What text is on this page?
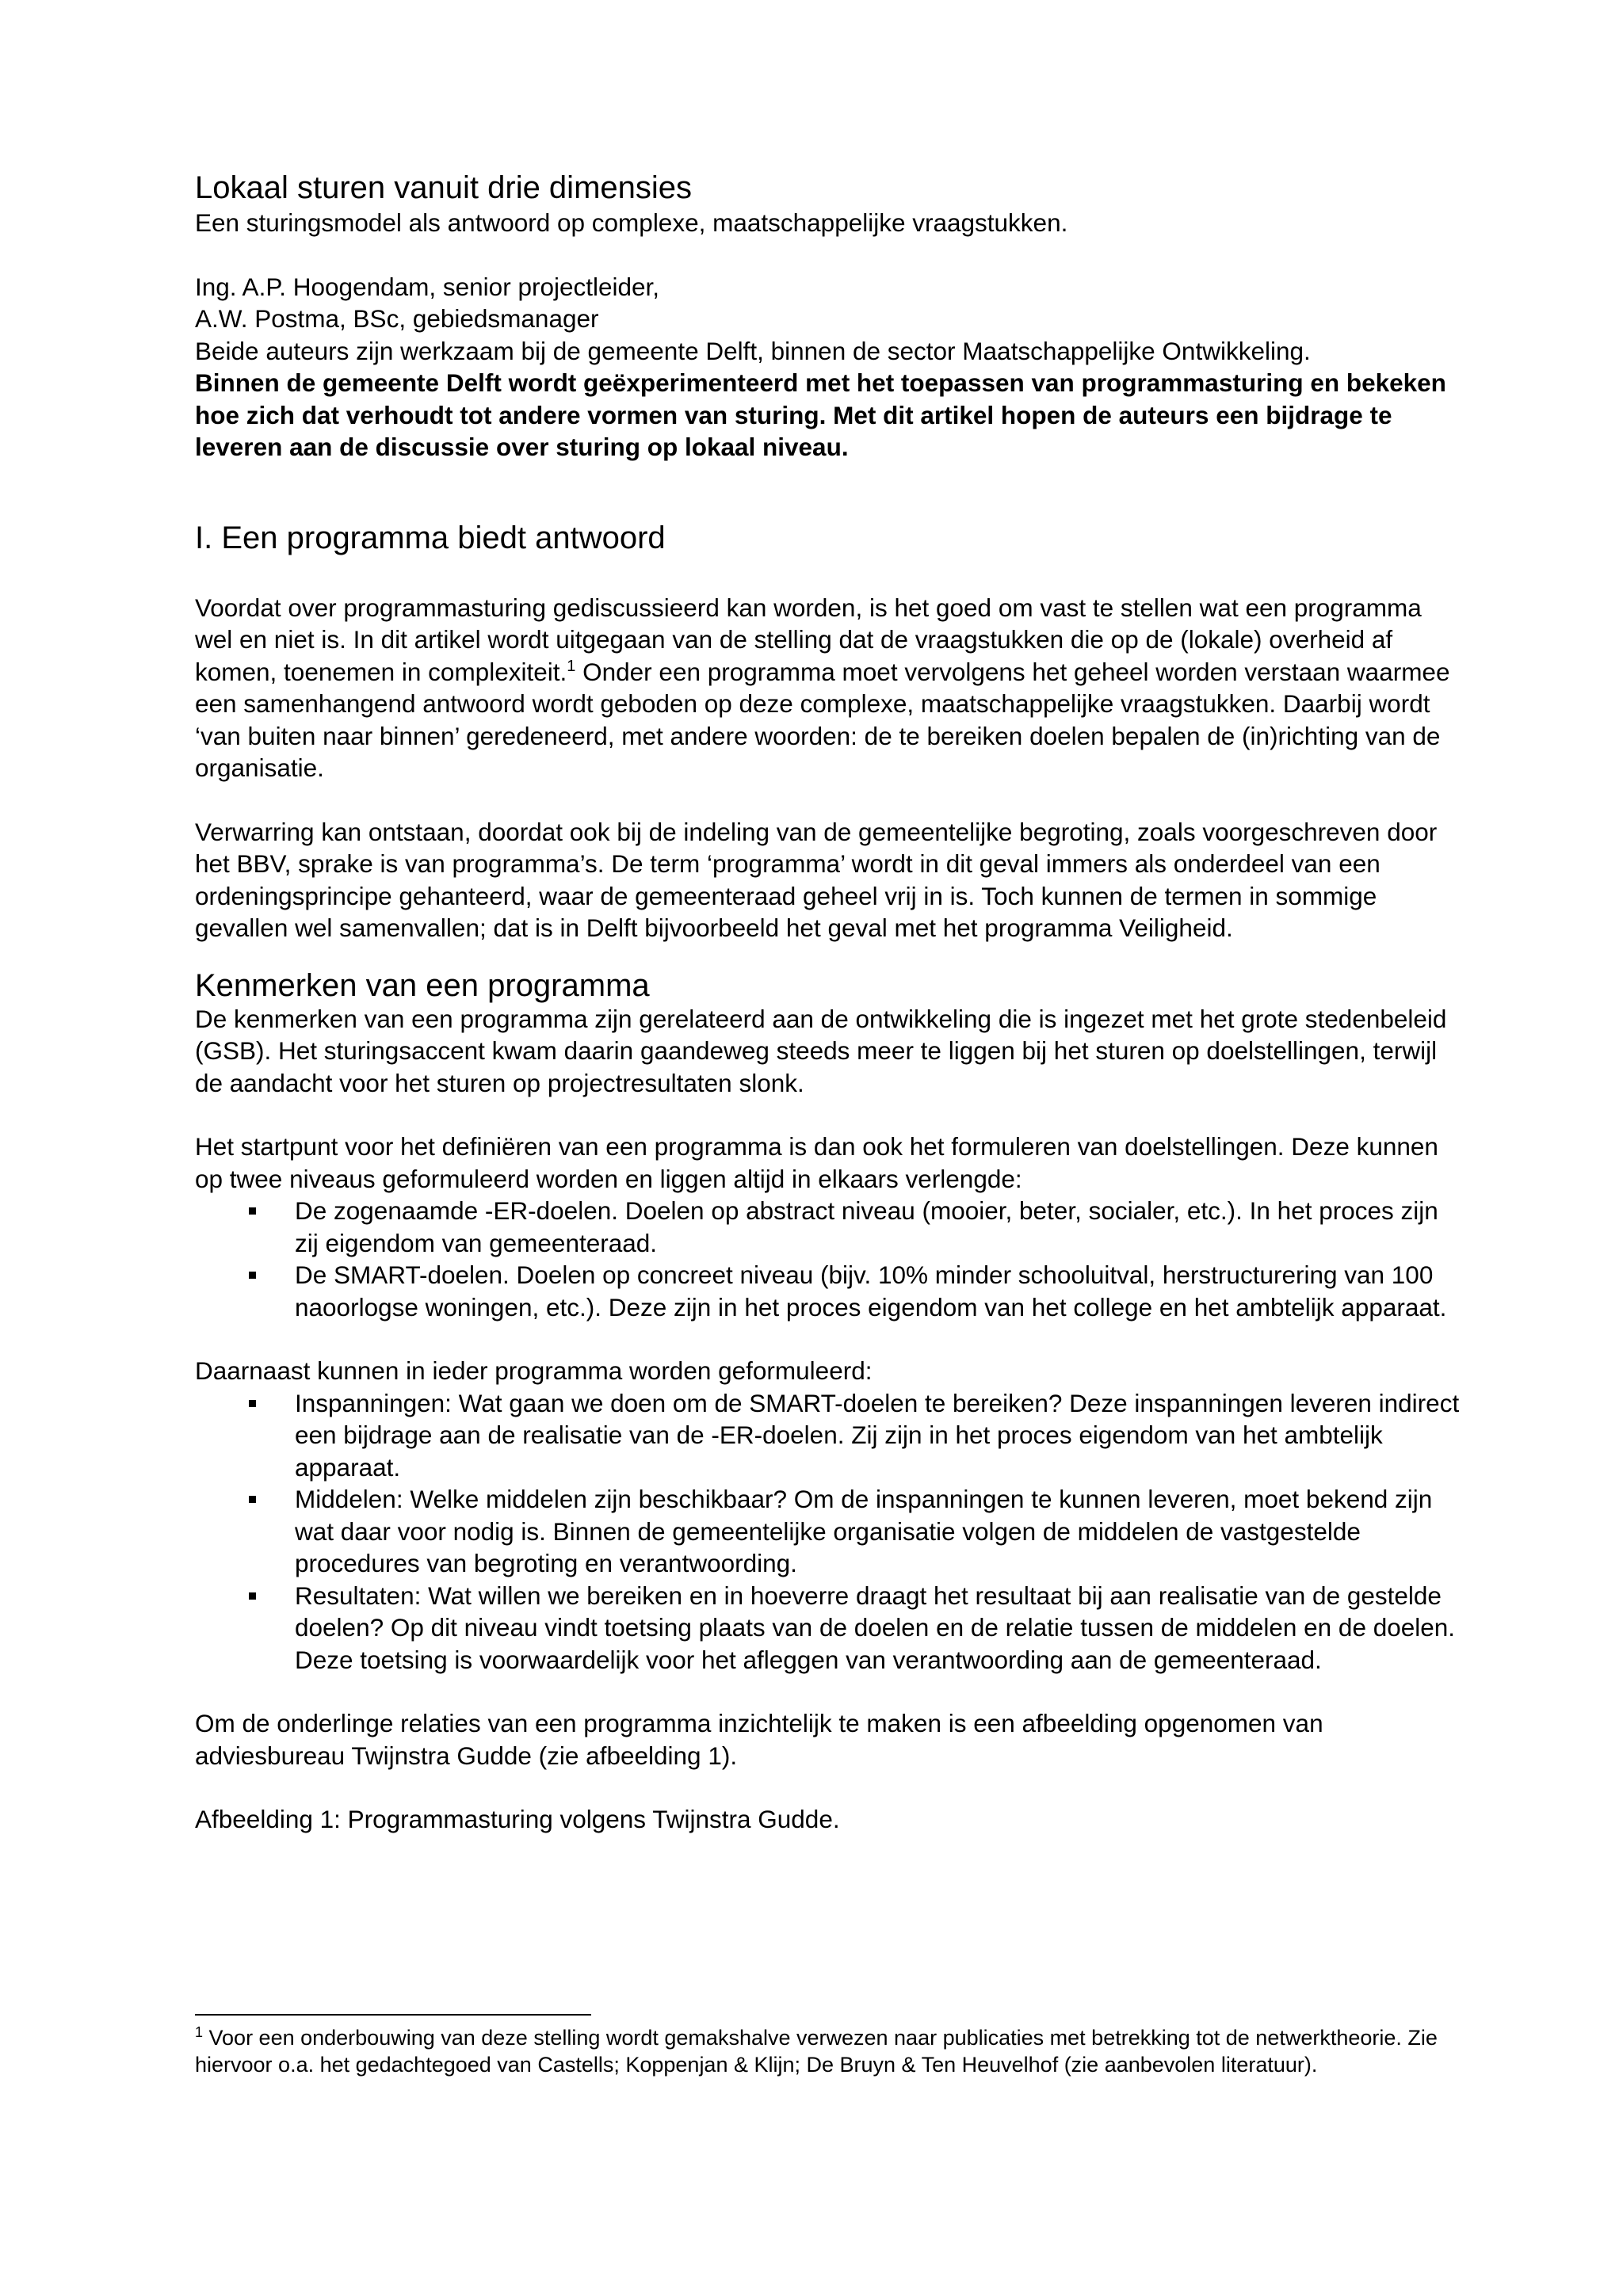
Lokaal sturen vanuit drie dimensies

Een sturingsmodel als antwoord op complexe, maatschappelijke vraagstukken.

Ing. A.P. Hoogendam, senior projectleider,

A.W. Postma, BSc, gebiedsmanager

Beide auteurs zijn werkzaam bij de gemeente Delft, binnen de sector Maatschappelijke Ontwikkeling.

Binnen de gemeente Delft wordt geëxperimenteerd met het toepassen van programmasturing en bekeken hoe zich dat verhoudt tot andere vormen van sturing. Met dit artikel hopen de auteurs een bijdrage te leveren aan de discussie over sturing op lokaal niveau.

I. Een programma biedt antwoord

Voordat over programmasturing gediscussieerd kan worden, is het goed om vast te stellen wat een programma wel en niet is. In dit artikel wordt uitgegaan van de stelling dat de vraagstukken die op de (lokale) overheid af komen, toenemen in complexiteit.$^1$ Onder een programma moet vervolgens het geheel worden verstaan waarmee een samenhangend antwoord wordt geboden op deze complexe, maatschappelijke vraagstukken. Daarbij wordt ‘van buiten naar binnen’ geredeneerd, met andere woorden: de te bereiken doelen bepalen de (in)richting van de organisatie.

Verwarring kan ontstaan, doordat ook bij de indeling van de gemeentelijke begroting, zoals voorgeschreven door het BBV, sprake is van programma’s. De term ‘programma’ wordt in dit geval immers als onderdeel van een ordeningsprincipe gehanteerd, waar de gemeenteraad geheel vrij in is. Toch kunnen de termen in sommige gevallen wel samenvallen; dat is in Delft bijvoorbeeld het geval met het programma Veiligheid.

Kenmerken van een programma

De kenmerken van een programma zijn gerelateerd aan de ontwikkeling die is ingezet met het grote stedenbeleid (GSB). Het sturingsaccent kwam daarin gaandeweg steeds meer te liggen bij het sturen op doelstellingen, terwijl de aandacht voor het sturen op projectresultaten slonk.

Het startpunt voor het definiëren van een programma is dan ook het formuleren van doelstellingen. Deze kunnen op twee niveaus geformuleerd worden en liggen altijd in elkaars verlengde:

De zogenaamde -ER-doelen. Doelen op abstract niveau (mooier, beter, socialer, etc.). In het proces zijn zij eigendom van gemeenteraad.
De SMART-doelen. Doelen op concreet niveau (bijv. 10% minder schooluitval, herstructurering van 100 naoorlogse woningen, etc.). Deze zijn in het proces eigendom van het college en het ambtelijk apparaat.

Daarnaast kunnen in ieder programma worden geformuleerd:

Inspanningen: Wat gaan we doen om de SMART-doelen te bereiken? Deze inspanningen leveren indirect een bijdrage aan de realisatie van de -ER-doelen. Zij zijn in het proces eigendom van het ambtelijk apparaat.
Middelen: Welke middelen zijn beschikbaar? Om de inspanningen te kunnen leveren, moet bekend zijn wat daar voor nodig is. Binnen de gemeentelijke organisatie volgen de middelen de vastgestelde procedures van begroting en verantwoording.
Resultaten: Wat willen we bereiken en in hoeverre draagt het resultaat bij aan realisatie van de gestelde doelen? Op dit niveau vindt toetsing plaats van de doelen en de relatie tussen de middelen en de doelen. Deze toetsing is voorwaardelijk voor het afleggen van verantwoording aan de gemeenteraad.

Om de onderlinge relaties van een programma inzichtelijk te maken is een afbeelding opgenomen van adviesbureau Twijnstra Gudde (zie afbeelding 1).

Afbeelding 1: Programmasturing volgens Twijnstra Gudde.

$^1$ Voor een onderbouwing van deze stelling wordt gemakshalve verwezen naar publicaties met betrekking tot de netwerktheorie. Zie hiervoor o.a. het gedachtegoed van Castells; Koppenjan & Klijn; De Bruyn & Ten Heuvelhof (zie aanbevolen literatuur).
